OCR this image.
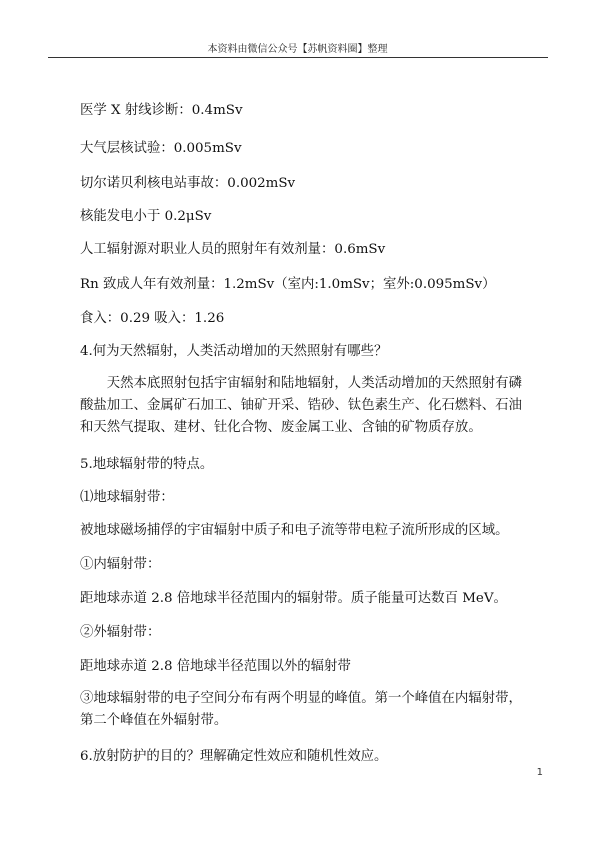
本资料由微信公众号【苏帆资料圈】整理
医学 X 射线诊断：0.4mSv
大气层核试验：0.005mSv
切尔诺贝利核电站事故：0.002mSv
核能发电小于 0.2μSv
人工辐射源对职业人员的照射年有效剂量：0.6mSv
Rn 致成人年有效剂量：1.2mSv（室内:1.0mSv；室外:0.095mSv）
食入：0.29 吸入：1.26
4.何为天然辐射，人类活动增加的天然照射有哪些？
　　天然本底照射包括宇宙辐射和陆地辐射，人类活动增加的天然照射有磷酸盐加工、金属矿石加工、铀矿开采、锆砂、钛色素生产、化石燃料、石油和天然气提取、建材、钍化合物、废金属工业、含铀的矿物质存放。
5.地球辐射带的特点。
⑴地球辐射带：
被地球磁场捕俘的宇宙辐射中质子和电子流等带电粒子流所形成的区域。
①内辐射带：
距地球赤道 2.8 倍地球半径范围内的辐射带。质子能量可达数百 MeV。
②外辐射带：
距地球赤道 2.8 倍地球半径范围以外的辐射带
③地球辐射带的电子空间分布有两个明显的峰值。第一个峰值在内辐射带，第二个峰值在外辐射带。
6.放射防护的目的？理解确定性效应和随机性效应。
1
